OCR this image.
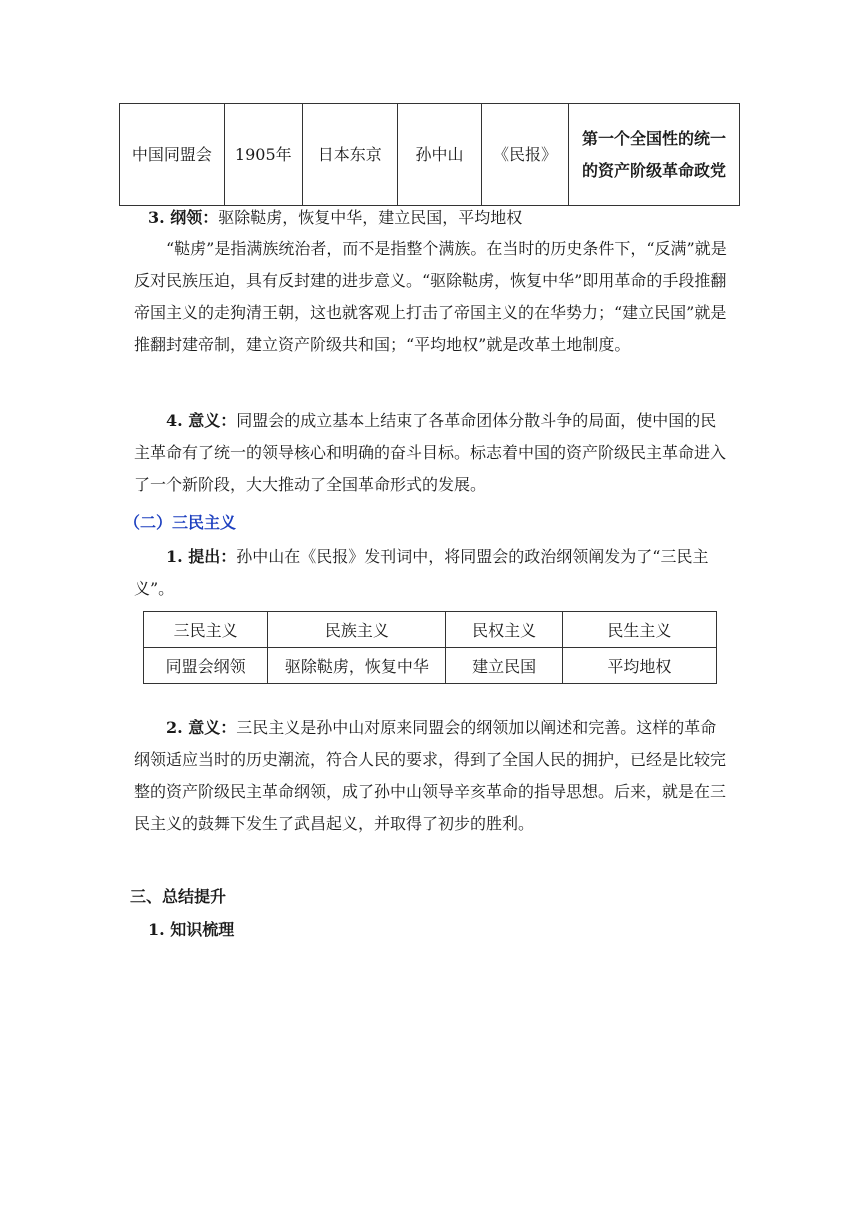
中国同盟会	1905年	日本东京	孙中山	《民报》	第一个全国性的统一的资产阶级革命政党

3. 纲领：驱除鞑虏，恢复中华，建立民国，平均地权

“鞑虏”是指满族统治者，而不是指整个满族。在当时的历史条件下，“反满”就是反对民族压迫，具有反封建的进步意义。“驱除鞑虏，恢复中华”即用革命的手段推翻帝国主义的走狗清王朝，这也就客观上打击了帝国主义的在华势力；“建立民国”就是推翻封建帝制，建立资产阶级共和国；“平均地权”就是改革土地制度。

4. 意义：同盟会的成立基本上结束了各革命团体分散斗争的局面，使中国的民主革命有了统一的领导核心和明确的奋斗目标。标志着中国的资产阶级民主革命进入了一个新阶段，大大推动了全国革命形式的发展。

（二）三民主义

1. 提出：孙中山在《民报》发刊词中，将同盟会的政治纲领阐发为了“三民主义”。

三民主义	民族主义	民权主义	民生主义
同盟会纲领	驱除鞑虏，恢复中华	建立民国	平均地权

2. 意义：三民主义是孙中山对原来同盟会的纲领加以阐述和完善。这样的革命纲领适应当时的历史潮流，符合人民的要求，得到了全国人民的拥护，已经是比较完整的资产阶级民主革命纲领，成了孙中山领导辛亥革命的指导思想。后来，就是在三民主义的鼓舞下发生了武昌起义，并取得了初步的胜利。

三、总结提升

1. 知识梳理
